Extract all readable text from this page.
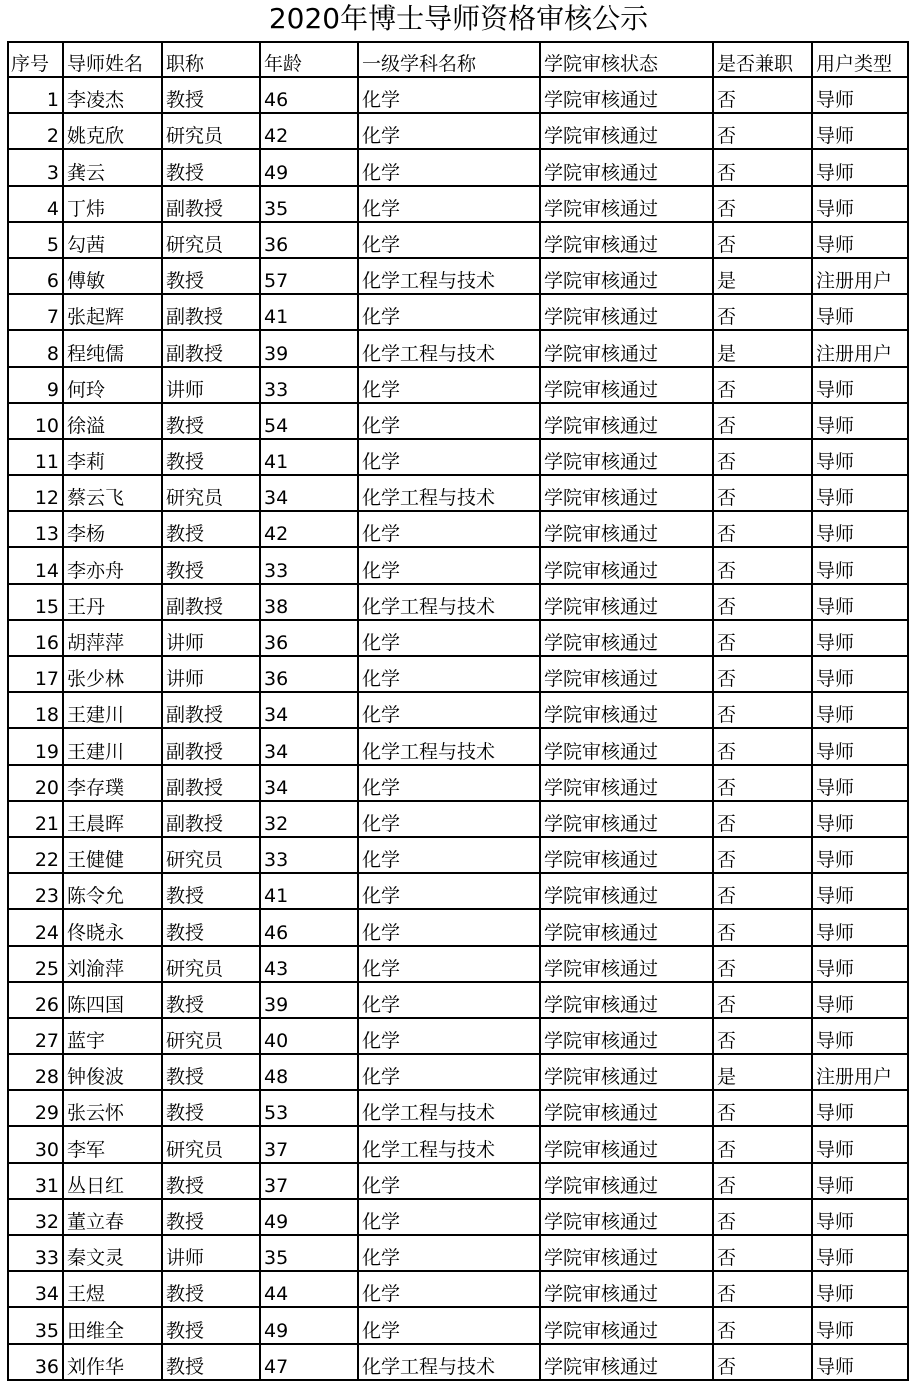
2020年博士导师资格审核公示
序号	导师姓名	职称	年龄	一级学科名称	学院审核状态	是否兼职	用户类型
1	李凌杰	教授	46	化学	学院审核通过	否	导师
2	姚克欣	研究员	42	化学	学院审核通过	否	导师
3	龚云	教授	49	化学	学院审核通过	否	导师
4	丁炜	副教授	35	化学	学院审核通过	否	导师
5	勾茜	研究员	36	化学	学院审核通过	否	导师
6	傅敏	教授	57	化学工程与技术	学院审核通过	是	注册用户
7	张起辉	副教授	41	化学	学院审核通过	否	导师
8	程纯儒	副教授	39	化学工程与技术	学院审核通过	是	注册用户
9	何玲	讲师	33	化学	学院审核通过	否	导师
10	徐溢	教授	54	化学	学院审核通过	否	导师
11	李莉	教授	41	化学	学院审核通过	否	导师
12	蔡云飞	研究员	34	化学工程与技术	学院审核通过	否	导师
13	李杨	教授	42	化学	学院审核通过	否	导师
14	李亦舟	教授	33	化学	学院审核通过	否	导师
15	王丹	副教授	38	化学工程与技术	学院审核通过	否	导师
16	胡萍萍	讲师	36	化学	学院审核通过	否	导师
17	张少林	讲师	36	化学	学院审核通过	否	导师
18	王建川	副教授	34	化学	学院审核通过	否	导师
19	王建川	副教授	34	化学工程与技术	学院审核通过	否	导师
20	李存璞	副教授	34	化学	学院审核通过	否	导师
21	王晨晖	副教授	32	化学	学院审核通过	否	导师
22	王健健	研究员	33	化学	学院审核通过	否	导师
23	陈令允	教授	41	化学	学院审核通过	否	导师
24	佟晓永	教授	46	化学	学院审核通过	否	导师
25	刘渝萍	研究员	43	化学	学院审核通过	否	导师
26	陈四国	教授	39	化学	学院审核通过	否	导师
27	蓝宇	研究员	40	化学	学院审核通过	否	导师
28	钟俊波	教授	48	化学	学院审核通过	是	注册用户
29	张云怀	教授	53	化学工程与技术	学院审核通过	否	导师
30	李军	研究员	37	化学工程与技术	学院审核通过	否	导师
31	丛日红	教授	37	化学	学院审核通过	否	导师
32	董立春	教授	49	化学	学院审核通过	否	导师
33	秦文灵	讲师	35	化学	学院审核通过	否	导师
34	王煜	教授	44	化学	学院审核通过	否	导师
35	田维全	教授	49	化学	学院审核通过	否	导师
36	刘作华	教授	47	化学工程与技术	学院审核通过	否	导师
